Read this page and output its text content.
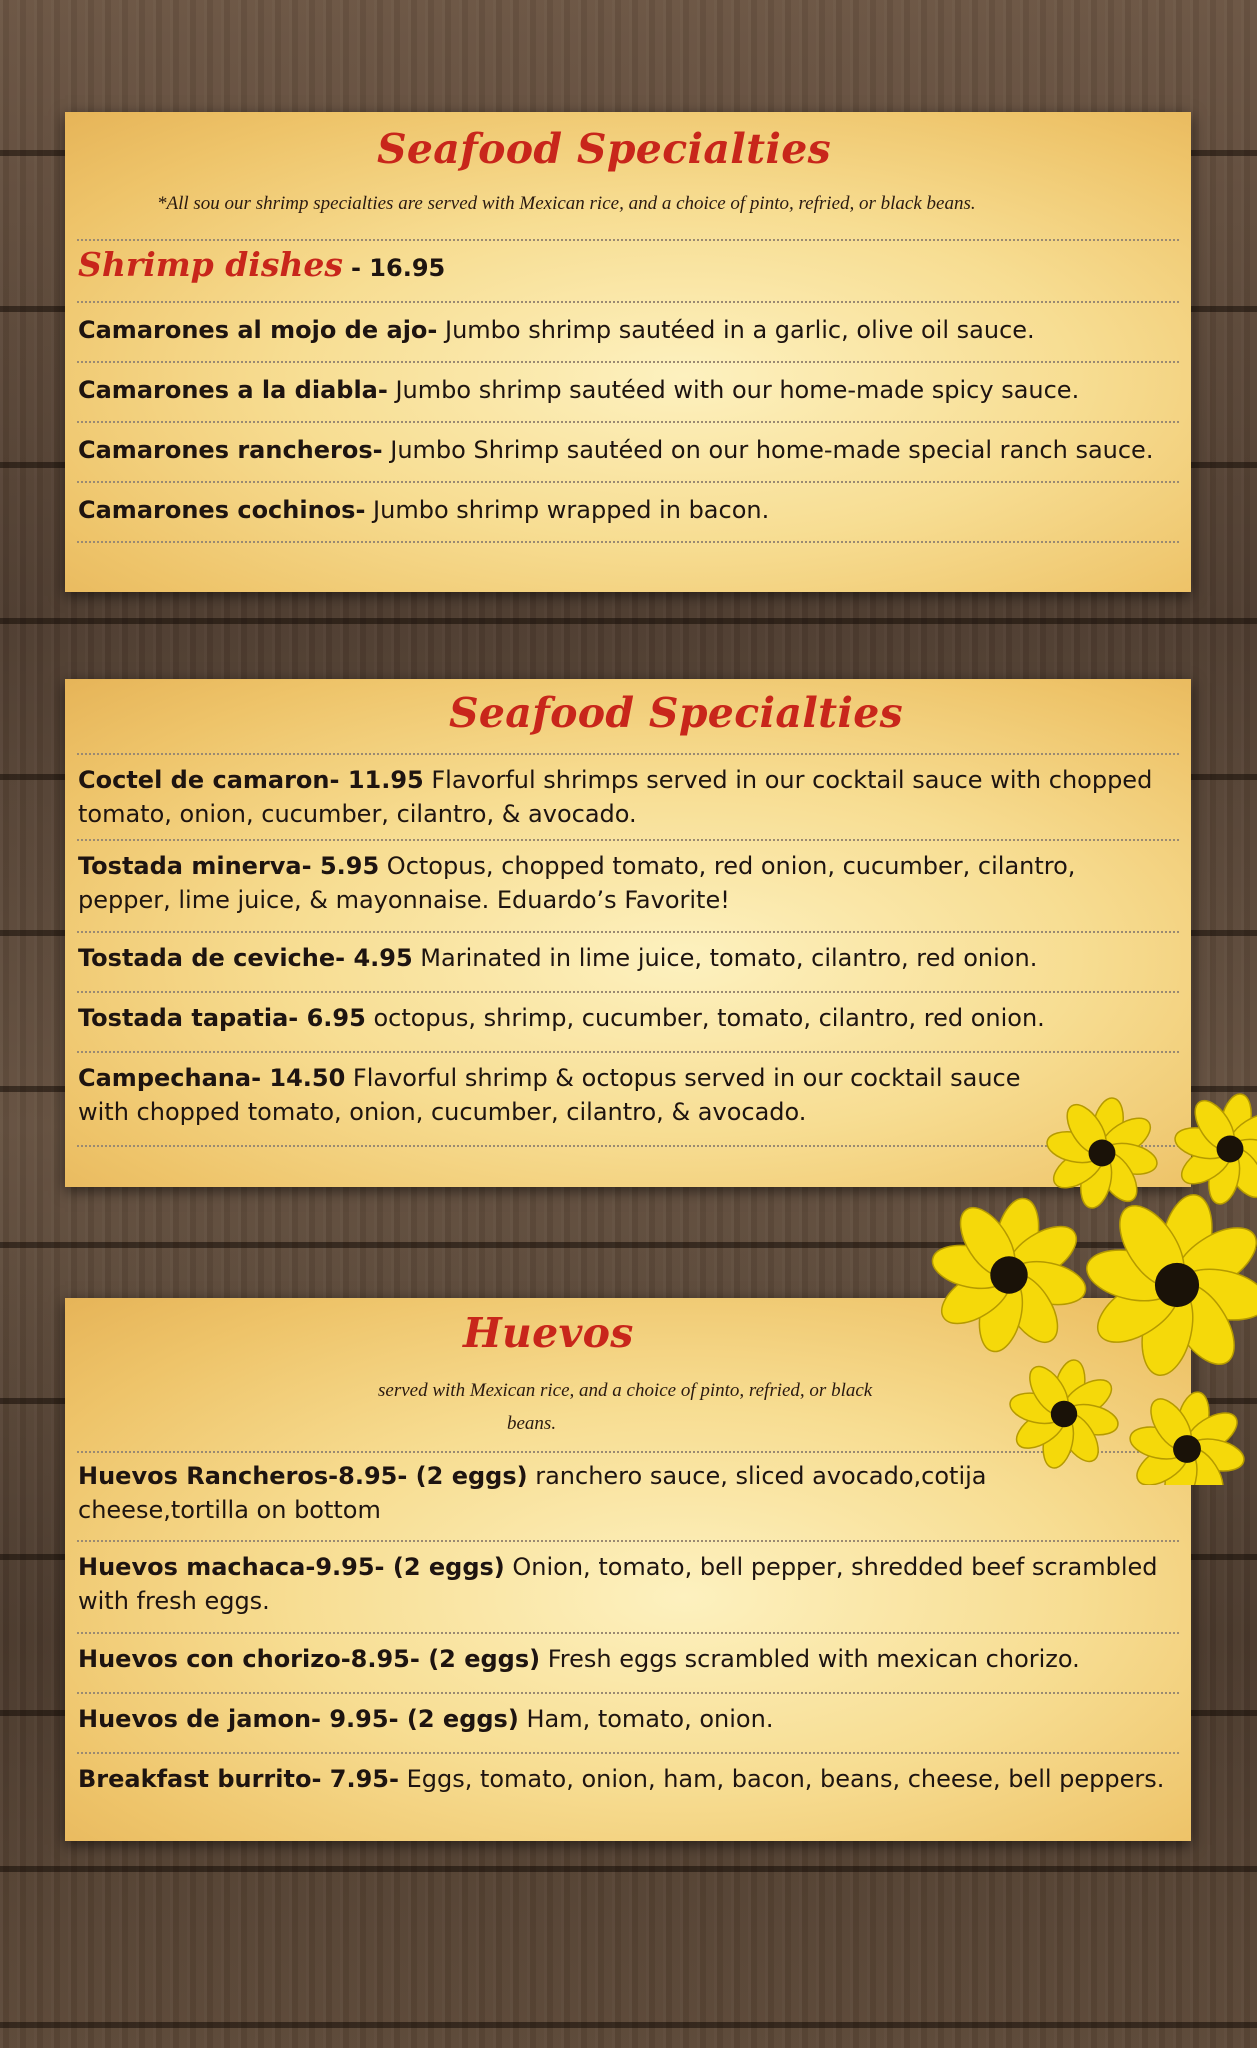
Seafood Specialties
*All sou our shrimp specialties are served with Mexican rice, and a choice of pinto, refried, or black beans.
Shrimp dishes - 16.95
Camarones al mojo de ajo- Jumbo shrimp sautéed in a garlic, olive oil sauce.
Camarones a la diabla- Jumbo shrimp sautéed with our home-made spicy sauce.
Camarones rancheros- Jumbo Shrimp sautéed on our home-made special ranch sauce.
Camarones cochinos- Jumbo shrimp wrapped in bacon.
Seafood Specialties
Coctel de camaron- 11.95 Flavorful shrimps served in our cocktail sauce with chopped tomato, onion, cucumber, cilantro, & avocado.
Tostada minerva- 5.95 Octopus, chopped tomato, red onion, cucumber, cilantro, pepper, lime juice, & mayonnaise. Eduardo’s Favorite!
Tostada de ceviche- 4.95 Marinated in lime juice, tomato, cilantro, red onion.
Tostada tapatia- 6.95 octopus, shrimp, cucumber, tomato, cilantro, red onion.
Campechana- 14.50 Flavorful shrimp & octopus served in our cocktail sauce with chopped tomato, onion, cucumber, cilantro, & avocado.
Huevos
served with Mexican rice, and a choice of pinto, refried, or black
beans.
Huevos Rancheros-8.95- (2 eggs) ranchero sauce, sliced avocado,cotija cheese,tortilla on bottom
Huevos machaca-9.95- (2 eggs) Onion, tomato, bell pepper, shredded beef scrambled with fresh eggs.
Huevos con chorizo-8.95- (2 eggs) Fresh eggs scrambled with mexican chorizo.
Huevos de jamon- 9.95- (2 eggs) Ham, tomato, onion.
Breakfast burrito- 7.95- Eggs, tomato, onion, ham, bacon, beans, cheese, bell peppers.
